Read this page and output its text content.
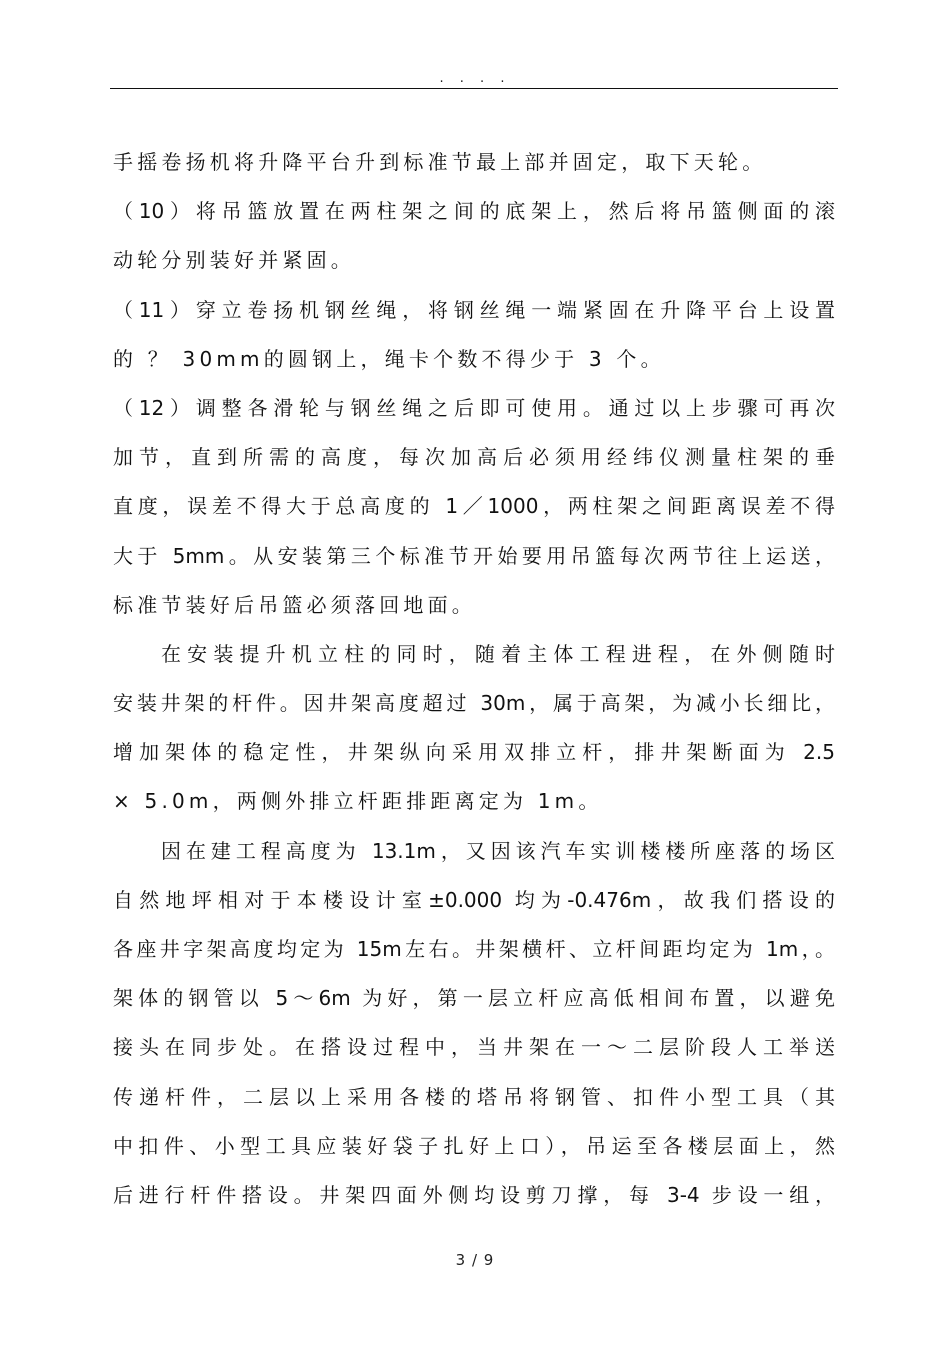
. . . .
手摇卷扬机将升降平台升到标准节最上部并固定，取下天轮。
（10）将吊篮放置在两柱架之间的底架上，然后将吊篮侧面的滚
动轮分别装好并紧固。
（11）穿立卷扬机钢丝绳，将钢丝绳一端紧固在升降平台上设置
的 ？ 30mm的圆钢上，绳卡个数不得少于 3 个。
（12）调整各滑轮与钢丝绳之后即可使用。通过以上步骤可再次
加节，直到所需的高度，每次加高后必须用经纬仪测量柱架的垂
直度，误差不得大于总高度的 1／1000，两柱架之间距离误差不得
大于 5mm。从安装第三个标准节开始要用吊篮每次两节往上运送，
标准节装好后吊篮必须落回地面。
在安装提升机立柱的同时，随着主体工程进程，在外侧随时
安装井架的杆件。因井架高度超过 30m，属于高架，为减小长细比，
增加架体的稳定性，井架纵向采用双排立杆，排井架断面为 2.5
× 5.0m，两侧外排立杆距排距离定为 1m。
因在建工程高度为 13.1m，又因该汽车实训楼楼所座落的场区
自然地坪相对于本楼设计室±0.000 均为-0.476m，故我们搭设的
各座井字架高度均定为 15m左右。井架横杆、立杆间距均定为 1m，。
架体的钢管以 5～6m 为好，第一层立杆应高低相间布置，以避免
接头在同步处。在搭设过程中，当井架在一～二层阶段人工举送
传递杆件，二层以上采用各楼的塔吊将钢管、扣件小型工具（其
中扣件、小型工具应装好袋子扎好上口），吊运至各楼层面上，然
后进行杆件搭设。井架四面外侧均设剪刀撑，每 3-4 步设一组，
3 / 9
